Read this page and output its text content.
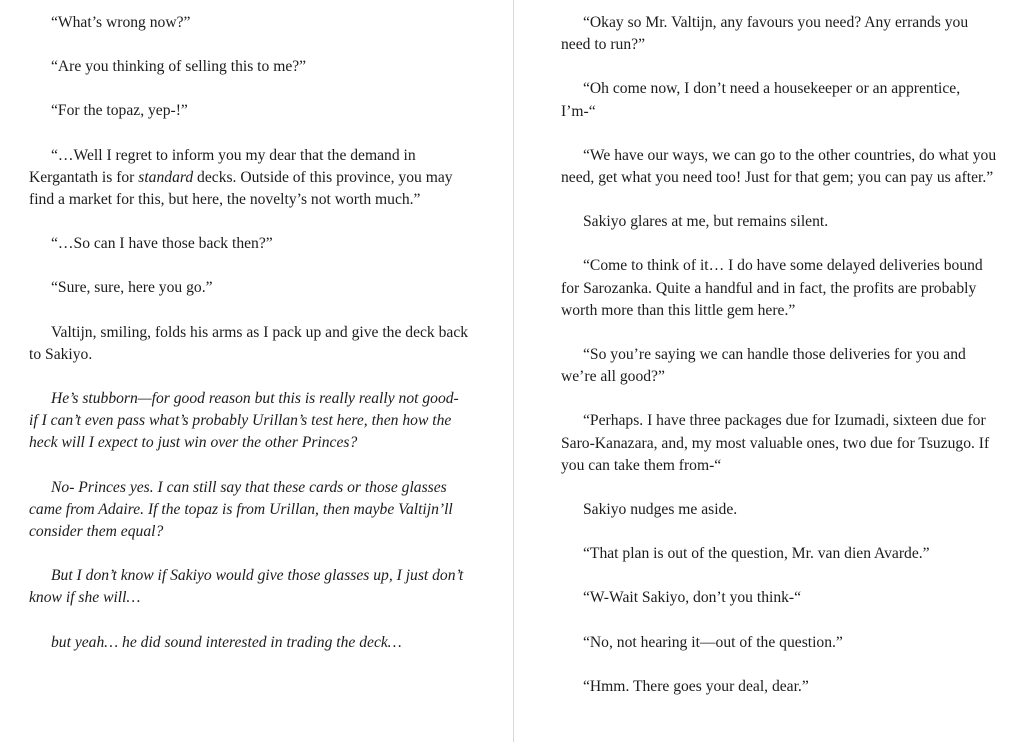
“What’s wrong now?”

“Are you thinking of selling this to me?”

“For the topaz, yep-!”

“…Well I regret to inform you my dear that the demand in Kergantath is for standard decks. Outside of this province, you may find a market for this, but here, the novelty’s not worth much.”

“…So can I have those back then?”

“Sure, sure, here you go.”

Valtijn, smiling, folds his arms as I pack up and give the deck back to Sakiyo.

He’s stubborn—for good reason but this is really really not good- if I can’t even pass what’s probably Urillan’s test here, then how the heck will I expect to just win over the other Princes?

No- Princes yes. I can still say that these cards or those glasses came from Adaire. If the topaz is from Urillan, then maybe Valtijn’ll consider them equal?

But I don’t know if Sakiyo would give those glasses up, I just don’t know if she will…

but yeah… he did sound interested in trading the deck…

“Okay so Mr. Valtijn, any favours you need? Any errands you need to run?”

“Oh come now, I don’t need a housekeeper or an apprentice, I’m-“

“We have our ways, we can go to the other countries, do what you need, get what you need too! Just for that gem; you can pay us after.”

Sakiyo glares at me, but remains silent.

“Come to think of it… I do have some delayed deliveries bound for Sarozanka. Quite a handful and in fact, the profits are probably worth more than this little gem here.”

“So you’re saying we can handle those deliveries for you and we’re all good?”

“Perhaps. I have three packages due for Izumadi, sixteen due for Saro-Kanazara, and, my most valuable ones, two due for Tsuzugo. If you can take them from-“

Sakiyo nudges me aside.

“That plan is out of the question, Mr. van dien Avarde.”

“W-Wait Sakiyo, don’t you think-“

“No, not hearing it—out of the question.”

“Hmm. There goes your deal, dear.”
